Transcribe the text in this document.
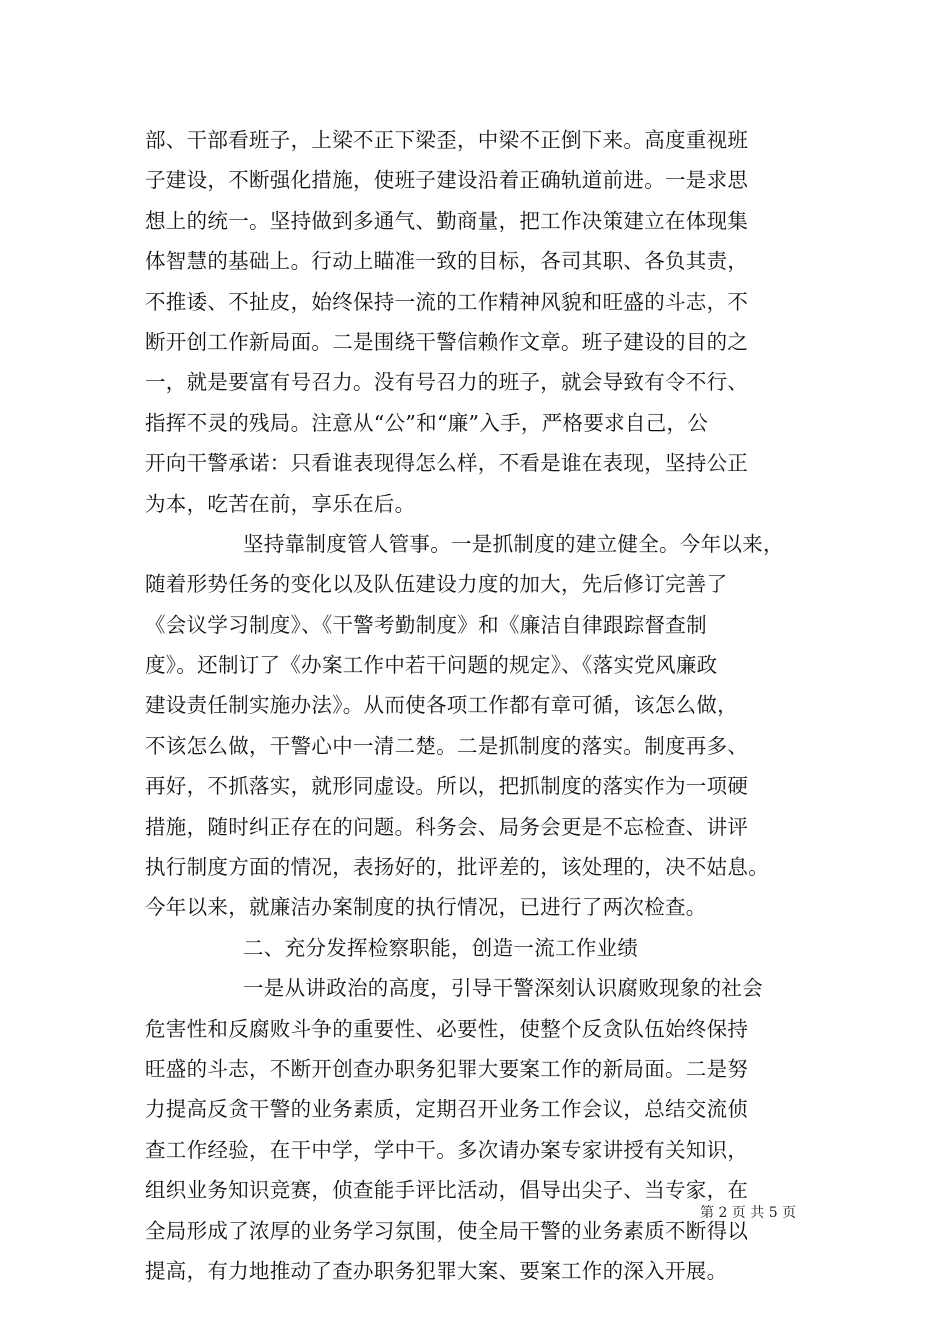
部、干部看班子，上梁不正下梁歪，中梁不正倒下来。高度重视班
子建设，不断强化措施，使班子建设沿着正确轨道前进。一是求思
想上的统一。坚持做到多通气、勤商量，把工作决策建立在体现集
体智慧的基础上。行动上瞄准一致的目标，各司其职、各负其责，
不推诿、不扯皮，始终保持一流的工作精神风貌和旺盛的斗志，不
断开创工作新局面。二是围绕干警信赖作文章。班子建设的目的之
一，就是要富有号召力。没有号召力的班子，就会导致有令不行、
指挥不灵的残局。注意从“公”和“廉”入手，严格要求自己，公
开向干警承诺：只看谁表现得怎么样，不看是谁在表现，坚持公正
为本，吃苦在前，享乐在后。
坚持靠制度管人管事。一是抓制度的建立健全。今年以来，
随着形势任务的变化以及队伍建设力度的加大，先后修订完善了
《会议学习制度》、《干警考勤制度》和《廉洁自律跟踪督查制
度》。还制订了《办案工作中若干问题的规定》、《落实党风廉政
建设责任制实施办法》。从而使各项工作都有章可循，该怎么做，
不该怎么做，干警心中一清二楚。二是抓制度的落实。制度再多、
再好，不抓落实，就形同虚设。所以，把抓制度的落实作为一项硬
措施，随时纠正存在的问题。科务会、局务会更是不忘检查、讲评
执行制度方面的情况，表扬好的，批评差的，该处理的，决不姑息。
今年以来，就廉洁办案制度的执行情况，已进行了两次检查。
二、充分发挥检察职能，创造一流工作业绩
一是从讲政治的高度，引导干警深刻认识腐败现象的社会
危害性和反腐败斗争的重要性、必要性，使整个反贪队伍始终保持
旺盛的斗志，不断开创查办职务犯罪大要案工作的新局面。二是努
力提高反贪干警的业务素质，定期召开业务工作会议，总结交流侦
查工作经验，在干中学，学中干。多次请办案专家讲授有关知识，
组织业务知识竞赛，侦查能手评比活动，倡导出尖子、当专家，在
全局形成了浓厚的业务学习氛围，使全局干警的业务素质不断得以
提高，有力地推动了查办职务犯罪大案、要案工作的深入开展。
第 2 页 共 5 页
